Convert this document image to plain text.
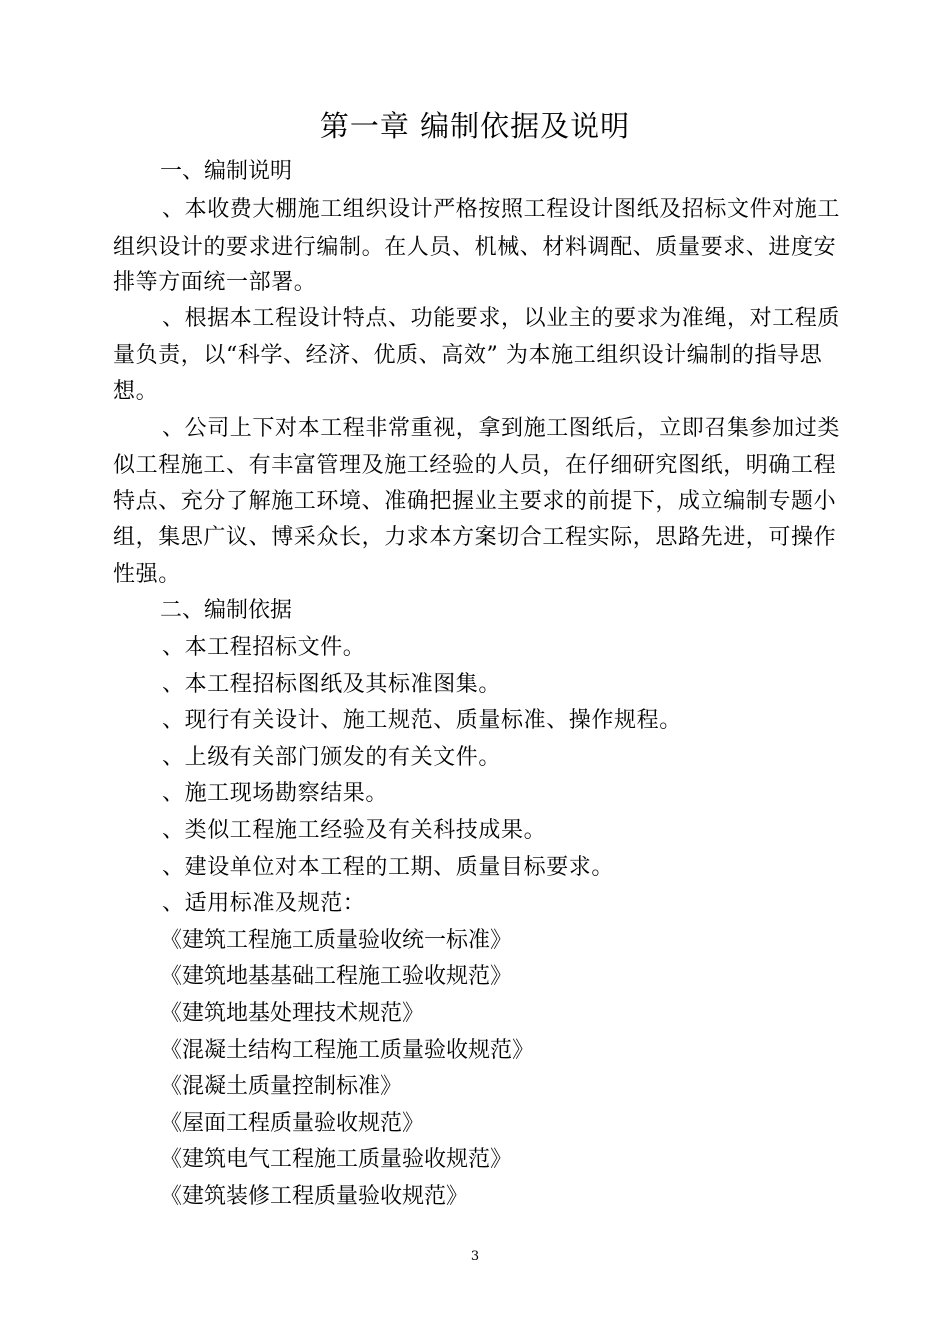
第一章 编制依据及说明
一、编制说明
、本收费大棚施工组织设计严格按照工程设计图纸及招标文件对施工
组织设计的要求进行编制。在人员、机械、材料调配、质量要求、进度安
排等方面统一部署。
、根据本工程设计特点、功能要求，以业主的要求为准绳，对工程质
量负责，以“科学、经济、优质、高效” 为本施工组织设计编制的指导思
想。
、公司上下对本工程非常重视，拿到施工图纸后，立即召集参加过类
似工程施工、有丰富管理及施工经验的人员，在仔细研究图纸，明确工程
特点、充分了解施工环境、准确把握业主要求的前提下，成立编制专题小
组，集思广议、博采众长，力求本方案切合工程实际，思路先进，可操作
性强。
二、编制依据
、本工程招标文件。
、本工程招标图纸及其标准图集。
、现行有关设计、施工规范、质量标准、操作规程。
、上级有关部门颁发的有关文件。
、施工现场勘察结果。
、类似工程施工经验及有关科技成果。
、建设单位对本工程的工期、质量目标要求。
、适用标准及规范：
《建筑工程施工质量验收统一标准》
《建筑地基基础工程施工验收规范》
《建筑地基处理技术规范》
《混凝土结构工程施工质量验收规范》
《混凝土质量控制标准》
《屋面工程质量验收规范》
《建筑电气工程施工质量验收规范》
《建筑装修工程质量验收规范》
3
